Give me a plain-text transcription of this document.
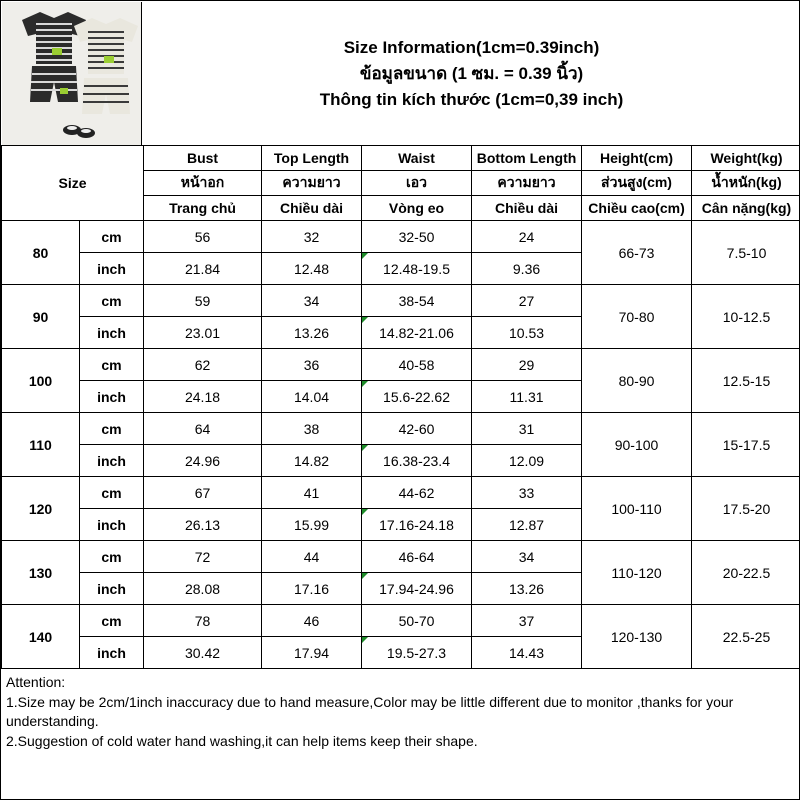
Size Information(1cm=0.39inch)
ข้อมูลขนาด (1 ซม. = 0.39 นิ้ว)
Thông tin kích thước (1cm=0,39 inch)
Size		Bust	Top Length	Waist	Bottom Length	Height(cm)	Weight(kg)
		หน้าอก	ความยาว	เอว	ความยาว	ส่วนสูง(cm)	น้ำหนัก(kg)
		Trang chủ	Chiều dài	Vòng eo	Chiều dài	Chiều cao(cm)	Cân nặng(kg)
80	cm	56	32	32-50	24	66-73	7.5-10
	inch	21.84	12.48	12.48-19.5	9.36		
90	cm	59	34	38-54	27	70-80	10-12.5
	inch	23.01	13.26	14.82-21.06	10.53		
100	cm	62	36	40-58	29	80-90	12.5-15
	inch	24.18	14.04	15.6-22.62	11.31		
110	cm	64	38	42-60	31	90-100	15-17.5
	inch	24.96	14.82	16.38-23.4	12.09		
120	cm	67	41	44-62	33	100-110	17.5-20
	inch	26.13	15.99	17.16-24.18	12.87		
130	cm	72	44	46-64	34	110-120	20-22.5
	inch	28.08	17.16	17.94-24.96	13.26		
140	cm	78	46	50-70	37	120-130	22.5-25
	inch	30.42	17.94	19.5-27.3	14.43		

Attention:

1.Size may be 2cm/1inch inaccuracy due to hand measure,Color may be little different due to monitor ,thanks for your understanding.

2.Suggestion of cold water hand washing,it can help items keep their shape.
